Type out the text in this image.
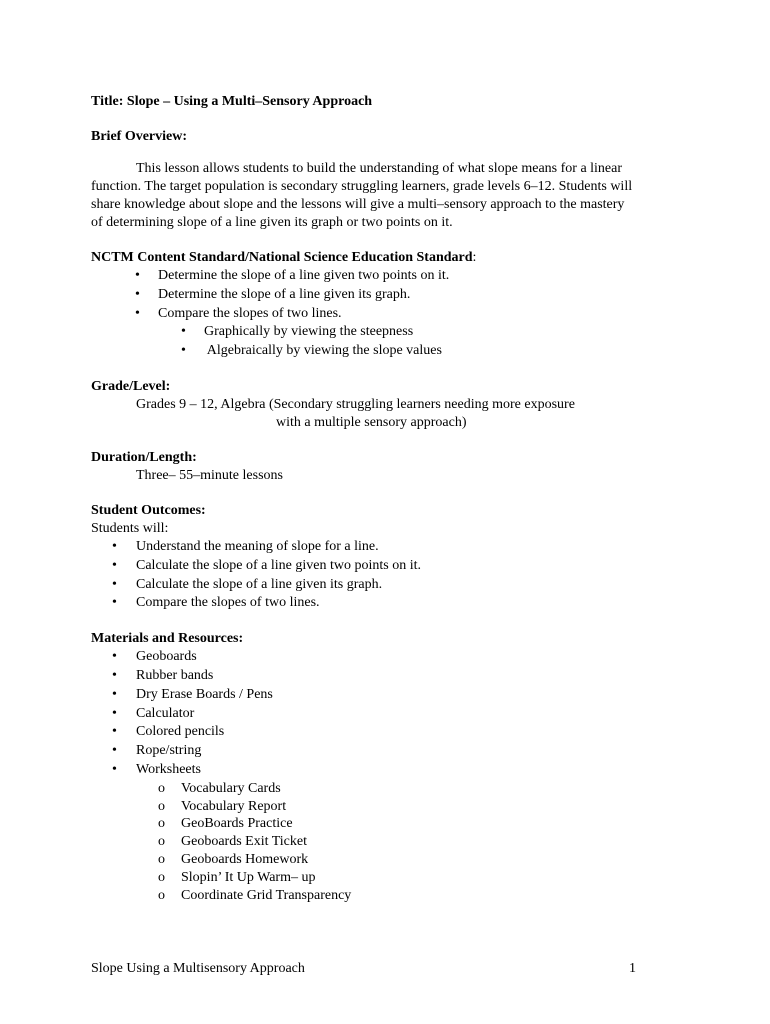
Title: Slope – Using a Multi–Sensory Approach

Brief Overview:

This lesson allows students to build the understanding of what slope means for a linear

function. The target population is secondary struggling learners, grade levels 6–12. Students will

share knowledge about slope and the lessons will give a multi–sensory approach to the mastery

of determining slope of a line given its graph or two points on it.

NCTM Content Standard/National Science Education Standard:

• Determine the slope of a line given two points on it.
• Determine the slope of a line given its graph.
• Compare the slopes of two lines.
• Graphically by viewing the steepness
•  Algebraically by viewing the slope values

Grade/Level:

Grades 9 – 12, Algebra (Secondary struggling learners needing more exposure

with a multiple sensory approach)

Duration/Length:

Three– 55–minute lessons

Student Outcomes:

Students will:

• Understand the meaning of slope for a line.
• Calculate the slope of a line given two points on it.
• Calculate the slope of a line given its graph.
• Compare the slopes of two lines.

Materials and Resources:

• Geoboards
• Rubber bands
• Dry Erase Boards / Pens
• Calculator
• Colored pencils
• Rope/string
• Worksheets
o Vocabulary Cards
o Vocabulary Report
o GeoBoards Practice
o Geoboards Exit Ticket
o Geoboards Homework
o Slopin’ It Up Warm– up
o Coordinate Grid Transparency
Slope Using a Multisensory Approach	1
